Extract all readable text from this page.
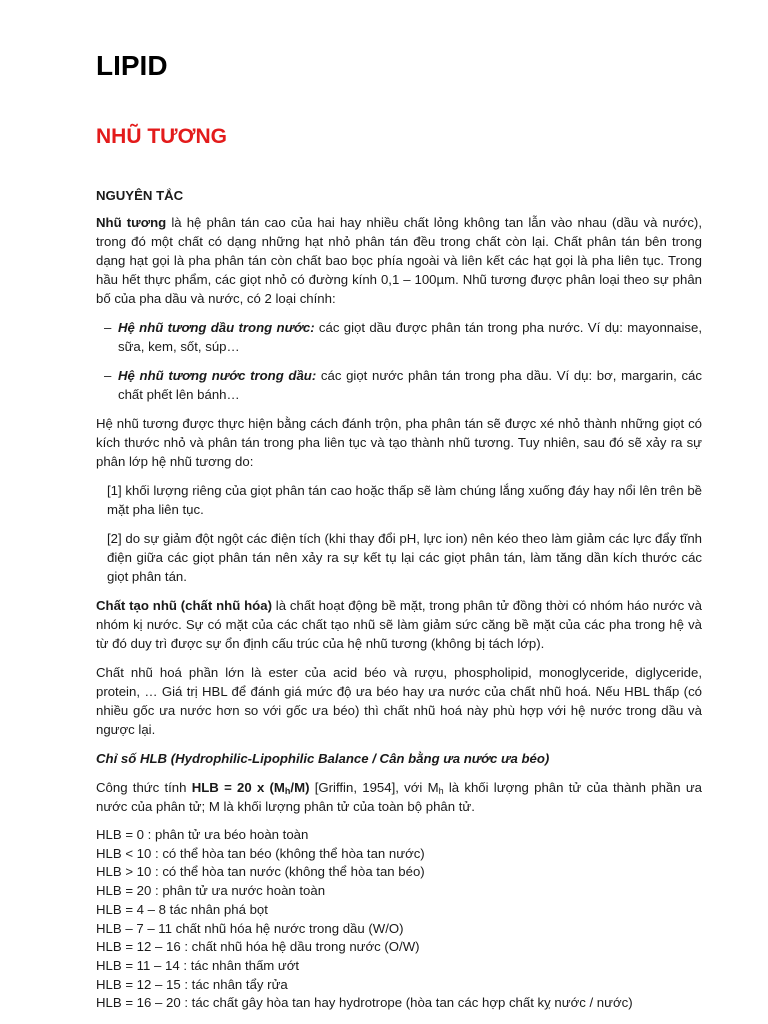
LIPID
NHŨ TƯƠNG

NGUYÊN TẮC

Nhũ tương là hệ phân tán cao của hai hay nhiều chất lỏng không tan lẫn vào nhau (dầu và nước), trong đó một chất có dạng những hạt nhỏ phân tán đều trong chất còn lại. Chất phân tán bên trong dạng hạt gọi là pha phân tán còn chất bao bọc phía ngoài và liên kết các hạt gọi là pha liên tục. Trong hầu hết thực phẩm, các giọt nhỏ có đường kính 0,1 – 100µm. Nhũ tương được phân loại theo sự phân bố của pha dầu và nước, có 2 loại chính:

– Hệ nhũ tương dầu trong nước: các giọt dầu được phân tán trong pha nước. Ví dụ: mayonnaise, sữa, kem, sốt, súp…

– Hệ nhũ tương nước trong dầu: các giọt nước phân tán trong pha dầu. Ví dụ: bơ, margarin, các chất phết lên bánh…

Hệ nhũ tương được thực hiện bằng cách đánh trộn, pha phân tán sẽ được xé nhỏ thành những giọt có kích thước nhỏ và phân tán trong pha liên tục và tạo thành nhũ tương. Tuy nhiên, sau đó sẽ xảy ra sự phân lớp hệ nhũ tương do:

[1] khối lượng riêng của giọt phân tán cao hoặc thấp sẽ làm chúng lắng xuống đáy hay nổi lên trên bề mặt pha liên tục.

[2] do sự giảm đột ngột các điện tích (khi thay đổi pH, lực ion) nên kéo theo làm giảm các lực đẩy tĩnh điện giữa các giọt phân tán nên xảy ra sự kết tụ lại các giọt phân tán, làm tăng dần kích thước các giọt phân tán.

Chất tạo nhũ (chất nhũ hóa) là chất hoạt động bề mặt, trong phân tử đồng thời có nhóm háo nước và nhóm kị nước. Sự có mặt của các chất tạo nhũ sẽ làm giảm sức căng bề mặt của các pha trong hệ và từ đó duy trì được sự ổn định cấu trúc của hệ nhũ tương (không bị tách lớp).

Chất nhũ hoá phần lớn là ester của acid béo và rượu, phospholipid, monoglyceride, diglyceride, protein, … Giá trị HBL để đánh giá mức độ ưa béo hay ưa nước của chất nhũ hoá. Nếu HBL thấp (có nhiều gốc ưa nước hơn so với gốc ưa béo) thì chất nhũ hoá này phù hợp với hệ nước trong dầu và ngược lại.

Chỉ số HLB (Hydrophilic-Lipophilic Balance / Cân bằng ưa nước ưa béo)

Công thức tính HLB = 20 x $(M_h/M)$ [Griffin, 1954], với $M_h$ là khối lượng phân tử của thành phần ưa nước của phân tử; M là khối lượng phân tử của toàn bộ phân tử.

HLB = 0 : phân tử ưa béo hoàn toàn
HLB < 10 : có thể hòa tan béo (không thể hòa tan nước)
HLB > 10 : có thể hòa tan nước (không thể hòa tan béo)
HLB = 20 : phân tử ưa nước hoàn toàn
HLB = 4 – 8 tác nhân phá bọt
HLB – 7 – 11 chất nhũ hóa hệ nước trong dầu (W/O)
HLB = 12 – 16 : chất nhũ hóa hệ dầu trong nước (O/W)
HLB = 11 – 14 : tác nhân thấm ướt
HLB = 12 – 15 : tác nhân tẩy rửa
HLB = 16 – 20 : tác chất gây hòa tan hay hydrotrope (hòa tan các hợp chất kỵ nước / nước)
